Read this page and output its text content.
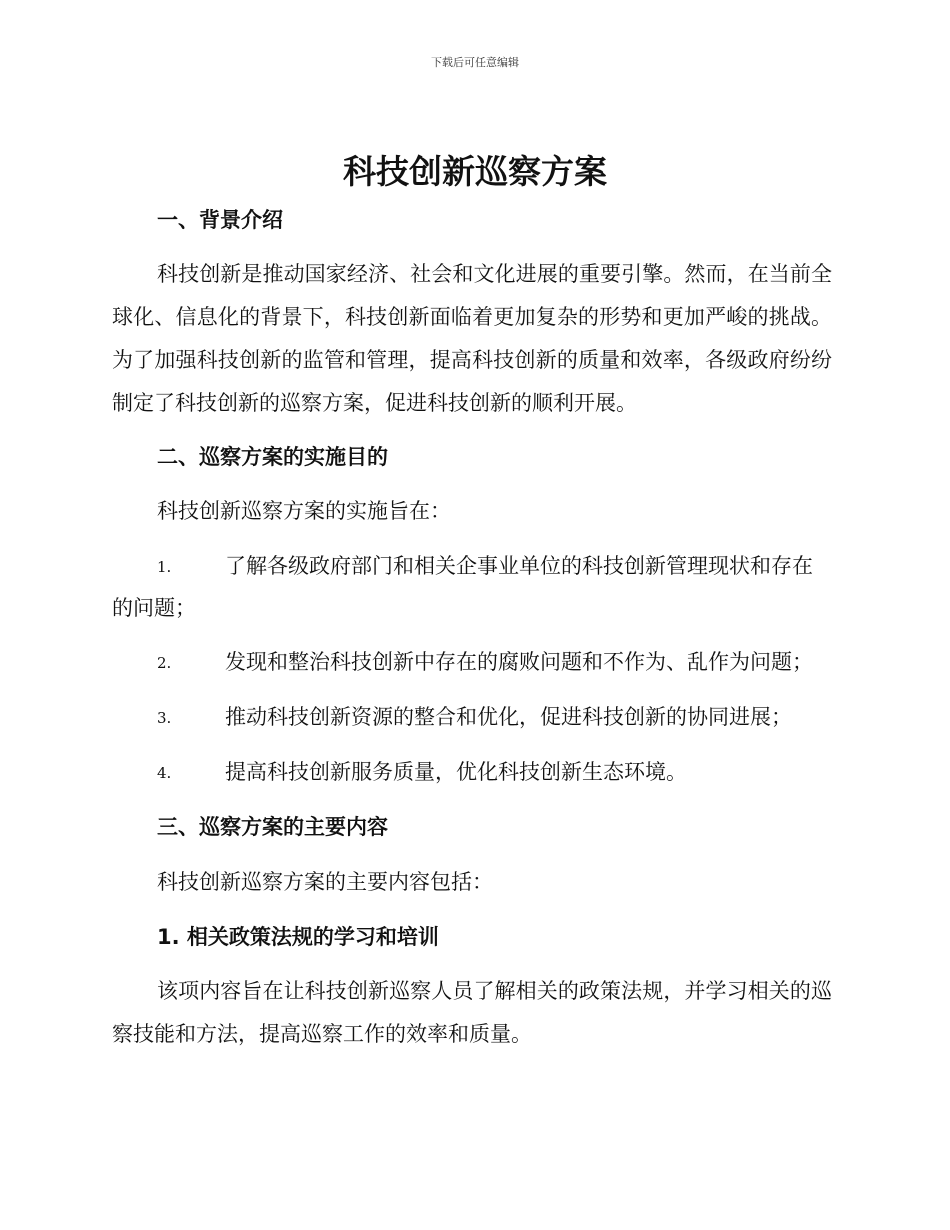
下载后可任意编辑
科技创新巡察方案
一、背景介绍
科技创新是推动国家经济、社会和文化进展的重要引擎。然而，在当前全球化、信息化的背景下，科技创新面临着更加复杂的形势和更加严峻的挑战。为了加强科技创新的监管和管理，提高科技创新的质量和效率，各级政府纷纷制定了科技创新的巡察方案，促进科技创新的顺利开展。
二、巡察方案的实施目的
科技创新巡察方案的实施旨在：
1.	了解各级政府部门和相关企事业单位的科技创新管理现状和存在
的问题；
2.	发现和整治科技创新中存在的腐败问题和不作为、乱作为问题；
3.	推动科技创新资源的整合和优化，促进科技创新的协同进展；
4.	提高科技创新服务质量，优化科技创新生态环境。
三、巡察方案的主要内容
科技创新巡察方案的主要内容包括：
1. 相关政策法规的学习和培训
该项内容旨在让科技创新巡察人员了解相关的政策法规，并学习相关的巡察技能和方法，提高巡察工作的效率和质量。
